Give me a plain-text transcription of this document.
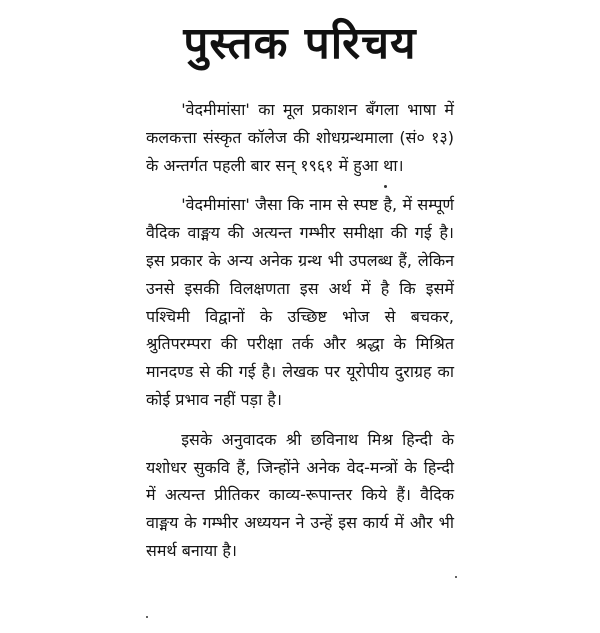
पुस्तक परिचय

'वेदमीमांसा' का मूल प्रकाशन बँगला भाषा में कलकत्ता संस्कृत कॉलेज की शोधग्रन्थमाला (सं० १३) के अन्तर्गत पहली बार सन् १९६१ में हुआ था।

'वेदमीमांसा' जैसा कि नाम से स्पष्ट है, में सम्पूर्ण वैदिक वाङ्मय की अत्यन्त गम्भीर समीक्षा की गई है। इस प्रकार के अन्य अनेक ग्रन्थ भी उपलब्ध हैं, लेकिन उनसे इसकी विलक्षणता इस अर्थ में है कि इसमें पश्चिमी विद्वानों के उच्छिष्ट भोज से बचकर, श्रुतिपरम्परा की परीक्षा तर्क और श्रद्धा के मिश्रित मानदण्ड से की गई है। लेखक पर यूरोपीय दुराग्रह का कोई प्रभाव नहीं पड़ा है।

इसके अनुवादक श्री छविनाथ मिश्र हिन्दी के यशोधर सुकवि हैं, जिन्होंने अनेक वेद-मन्त्रों के हिन्दी में अत्यन्त प्रीतिकर काव्य-रूपान्तर किये हैं। वैदिक वाङ्मय के गम्भीर अध्ययन ने उन्हें इस कार्य में और भी समर्थ बनाया है।
